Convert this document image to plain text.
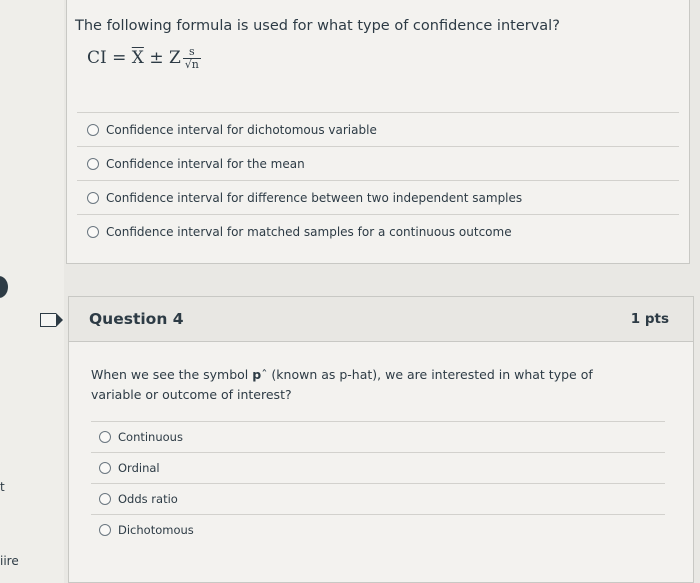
t
iire
The following formula is used for what type of confidence interval?
CI = $\overline{X} \pm Z \frac{s}{√n}$
Confidence interval for dichotomous variable
Confidence interval for the mean
Confidence interval for difference between two independent samples
Confidence interval for matched samples for a continuous outcome
Question 4	1 pts
When we see the symbol pˆ (known as p-hat), we are interested in what type of variable or outcome of interest?
Continuous
Ordinal
Odds ratio
Dichotomous
